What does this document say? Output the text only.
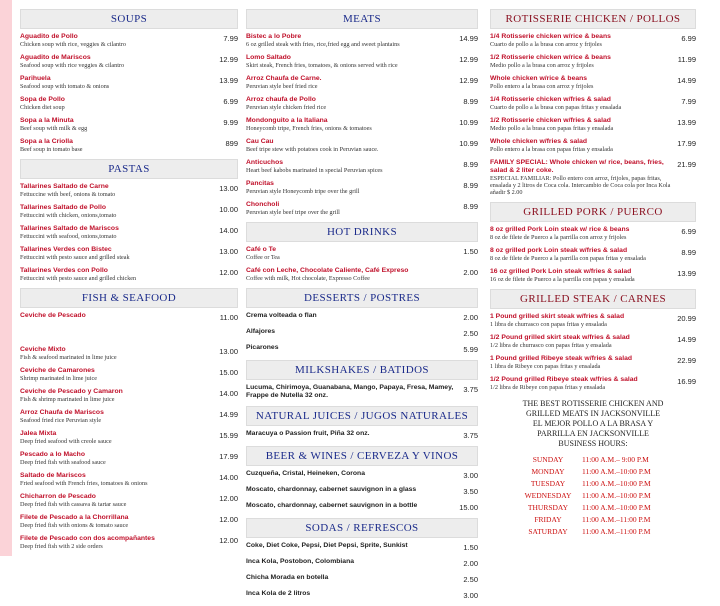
SOUPS
Aguadito de Pollo
Chicken soup with rice, veggies & cilantro
7.99
Aguadito de Mariscos
Seafood soup with rice veggies & cilantro
12.99
Parihuela
Seafood soup with tomato & onions
13.99
Sopa de Pollo
Chicken diet soup
6.99
Sopa a la Minuta
Beef soup with milk & egg
9.99
Sopa a la Criolla
Beef soup in tomato base
899
PASTAS
Tallarines Saltado de Carne
Fettuccine with beef, onions & tomato
13.00
Tallarines Saltado de Pollo
Fettuccini with chicken, onions,tomato
10.00
Tallarines Saltado de Mariscos
Fettuccini with seafood, onions,tomato
14.00
Tallarines Verdes con Bistec
Fettuccini with pesto sauce and grilled steak
13.00
Tallarines Verdes con Pollo
Fettuccini with pesto sauce and grilled chicken
12.00
FISH & SEAFOOD
Ceviche de Pescado	11.00
Ceviche Mixto
Fish & seafood marinated in lime juice
13.00
Ceviche de Camarones
Shrimp marinated in lime juice
15.00
Ceviche de Pescado y Camaron
Fish & shrimp marinated in lime juice
14.00
Arroz Chaufa de Mariscos
Seafood fried rice Peruvian style
14.99
Jalea Mixta
Deep fried seafood with creole sauce
15.99
Pescado a lo Macho
Deep fried fish with seafood sauce
17.99
Saltado de Mariscos
Fried seafood with French fries, tomatoes & onions
14.00
Chicharron de Pescado
Deep fried fish with cassava & tartar sauce
12.00
Filete de Pescado a la Chorrillana
Deep fried fish with onions & tomato sauce
12.00
Filete de Pescado con dos acompañantes
Deep fried fish with 2 side orders
12.00
MEATS
Bistec a lo Pobre
6 oz grilled steak with fries, rice,fried egg and sweet plantains
14.99
Lomo Saltado
Skirt steak, French fries, tomatoes, & onions served with rice
12.99
Arroz Chaufa de Carne.
Peruvian style beef fried rice
12.99
Arroz chaufa de Pollo
Peruvian style chicken fried rice
8.99
Mondonguito a la Italiana
Honeycomb tripe, French fries, onions & tomatoes
10.99
Cau Cau
Beef tripe stew with potatoes cook in Peruvian sauce.
10.99
Anticuchos
Heart beef kabobs marinated in special Peruvian spices
8.99
Pancitas
Peruvian style Honeycomb tripe over the grill
8.99
Choncholi
Peruvian style beef tripe over the grill
8.99
HOT DRINKS
Café o Te
Coffee or Tea
1.50
Café con Leche, Chocolate Caliente, Café Expreso
Coffee with milk, Hot chocolate, Expresso Coffee
2.00
DESSERTS / POSTRES
Crema volteada o flan	2.00
Alfajores	2.50
Picarones	5.99
MILKSHAKES / BATIDOS
Lucuma, Chirimoya, Guanabana, Mango, Papaya, Fresa, Mamey, Frappe de Nutella 32 onz.
3.75
NATURAL JUICES / JUGOS NATURALES
Maracuya o Passion fruit, Piña 32 onz.	3.75
BEER & WINES / CERVEZA Y VINOS
Cuzqueña, Cristal, Heineken, Corona	3.00
Moscato, chardonnay, cabernet sauvignon in a glass	3.50
Moscato, chardonnay, cabernet sauvignon in a bottle	15.00
SODAS / REFRESCOS
Coke, Diet Coke, Pepsi, Diet Pepsi, Sprite, Sunkist	1.50
Inca Kola, Postobon, Colombiana	2.00
Chicha Morada en botella	2.50
Inca Kola de 2 litros	3.00
ROTISSERIE CHICKEN / POLLOS
1/4 Rotisserie chicken w/rice & beans
Cuarto de pollo a la brasa con arroz y frijoles
6.99
1/2 Rotisserie chicken w/rice & beans
Medio pollo a la brasa con arroz y frijoles
11.99
Whole chicken w/rice & beans
Pollo entero a la brasa con arroz y frijoles
14.99
1/4 Rotisserie chicken w/fries & salad
Cuarto de pollo a la brasa con papas fritas y ensalada
7.99
1/2 Rotisserie chicken w/fries & salad
Medio pollo a la brasa con papas fritas y ensalada
13.99
Whole chicken w/fries & salad
Pollo entero a la brasa con papas fritas y ensalada
17.99
FAMILY SPECIAL: Whole chicken w/ rice, beans, fries, salad & 2 liter coke.
ESPECIAL FAMILIAR: Pollo entero con arroz, frijoles, papas fritas, ensalada y 2 litros de Coca cola. Intercambio de Coca cola por Inca Kola añadir $ 2.00
21.99
GRILLED PORK / PUERCO
8 oz grilled Pork Loin steak w/ rice & beans
8 oz de filete de Puerco a la parrilla con arroz y frijoles
6.99
8 oz grilled pork Loin steak w/fries & salad
8 oz de filete de Puerco a la parrilla con papas fritas y ensalada
8.99
16 oz grilled Pork Loin steak w/fries & salad
16 oz de filete de Puerco a la parrilla con papas y ensalada
13.99
GRILLED STEAK / CARNES
1 Pound grilled skirt steak w/fries & salad
1 libra de churrasco con papas fritas y ensalada
20.99
1/2 Pound grilled skirt steak w/fries & salad
1/2 libra de churrasco con papas fritas y ensalada
14.99
1 Pound grilled Ribeye steak w/fries & salad
1 libra de Ribeye con papas fritas y ensalada
22.99
1/2 Pound grilled Ribeye steak w/fries & salad
1/2 libra de Ribeye con papas fritas y ensalada
16.99
THE BEST ROTISSERIE CHICKEN AND
GRILLED MEATS IN JACKSONVILLE
EL MEJOR POLLO A LA BRASA Y
PARRILLA EN JACKSONVILLE
BUSINESS HOURS:
SUNDAY	11:00 A.M.– 9:00 P.M
MONDAY	11:00 A.M.–10:00 P.M
TUESDAY	11:00 A.M.–10:00 P.M
WEDNESDAY	11:00 A.M.–10:00 P.M
THURSDAY	11:00 A.M.–10:00 P.M
FRIDAY	11:00 A.M.–11:00 P.M
SATURDAY	11:00 A.M.–11:00 P.M
